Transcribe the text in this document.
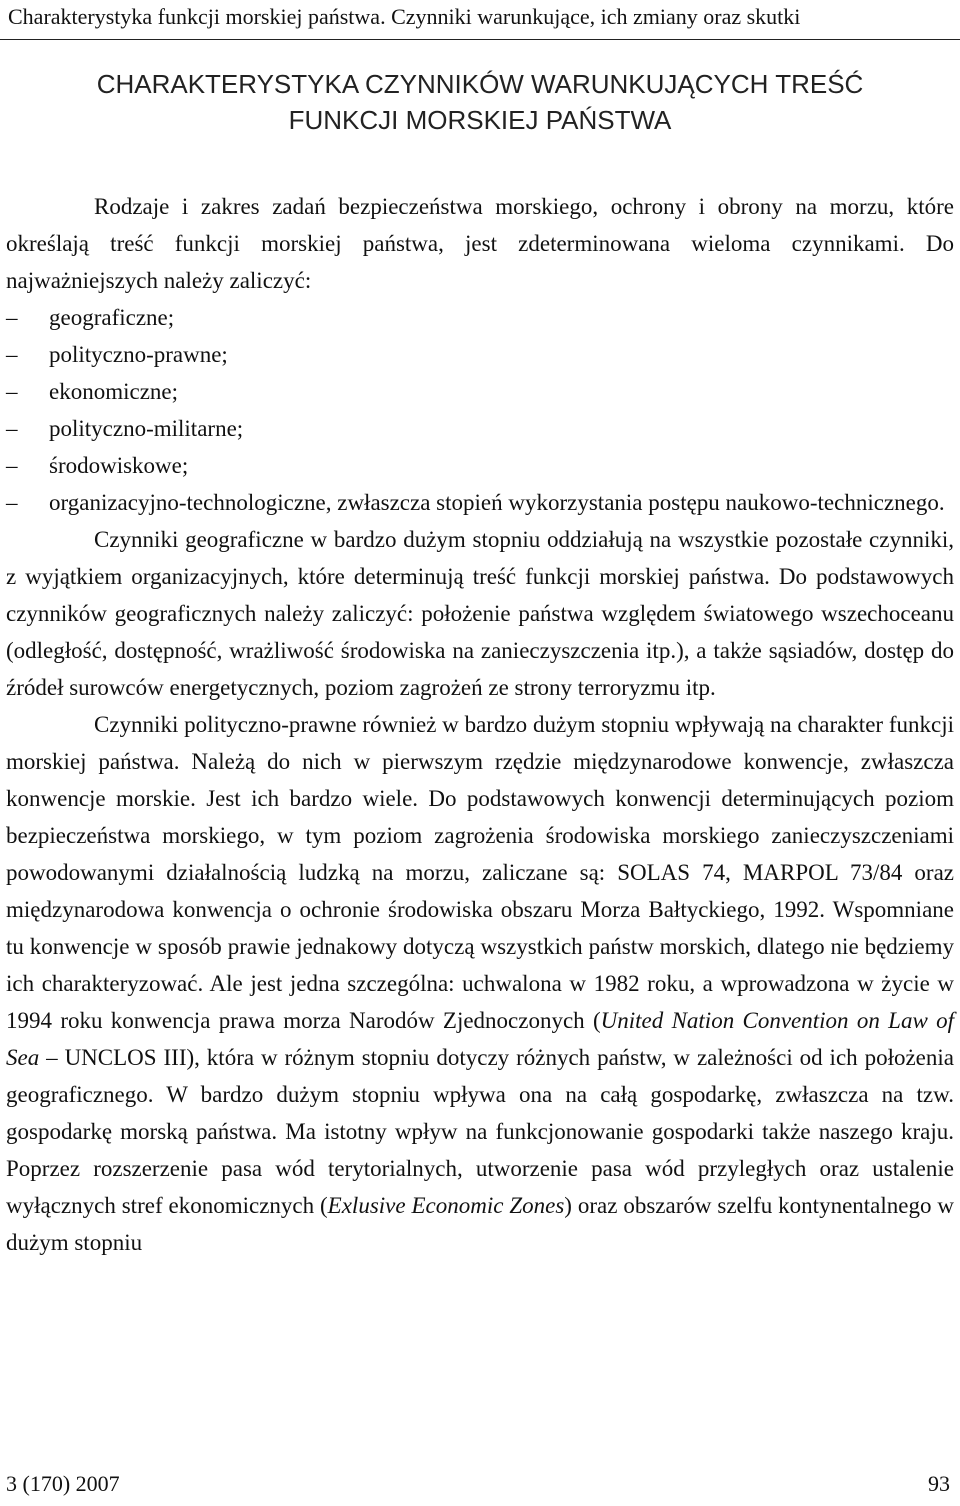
Charakterystyka funkcji morskiej państwa. Czynniki warunkujące, ich zmiany oraz skutki
CHARAKTERYSTYKA CZYNNIKÓW WARUNKUJĄCYCH TREŚĆ
FUNKCJI MORSKIEJ PAŃSTWA

Rodzaje i zakres zadań bezpieczeństwa morskiego, ochrony i obrony na morzu, które określają treść funkcji morskiej państwa, jest zdeterminowana wieloma czynnikami. Do najważniejszych należy zaliczyć:

– geograficzne;
– polityczno-prawne;
– ekonomiczne;
– polityczno-militarne;
– środowiskowe;
– organizacyjno-technologiczne, zwłaszcza stopień wykorzystania postępu naukowo-technicznego.

Czynniki geograficzne w bardzo dużym stopniu oddziałują na wszystkie pozostałe czynniki, z wyjątkiem organizacyjnych, które determinują treść funkcji morskiej państwa. Do podstawowych czynników geograficznych należy zaliczyć: położenie państwa względem światowego wszechoceanu (odległość, dostępność, wrażliwość środowiska na zanieczyszczenia itp.), a także sąsiadów, dostęp do źródeł surowców energetycznych, poziom zagrożeń ze strony terroryzmu itp.

Czynniki polityczno-prawne również w bardzo dużym stopniu wpływają na charakter funkcji morskiej państwa. Należą do nich w pierwszym rzędzie międzynarodowe konwencje, zwłaszcza konwencje morskie. Jest ich bardzo wiele. Do podstawowych konwencji determinujących poziom bezpieczeństwa morskiego, w tym poziom zagrożenia środowiska morskiego zanieczyszczeniami powodowanymi działalnością ludzką na morzu, zaliczane są: SOLAS 74, MARPOL 73/84 oraz międzynarodowa konwencja o ochronie środowiska obszaru Morza Bałtyckiego, 1992. Wspomniane tu konwencje w sposób prawie jednakowy dotyczą wszystkich państw morskich, dlatego nie będziemy ich charakteryzować. Ale jest jedna szczególna: uchwalona w 1982 roku, a wprowadzona w życie w 1994 roku konwencja prawa morza Narodów Zjednoczonych (United Nation Convention on Law of Sea – UNCLOS III), która w różnym stopniu dotyczy różnych państw, w zależności od ich położenia geograficznego. W bardzo dużym stopniu wpływa ona na całą gospodarkę, zwłaszcza na tzw. gospodarkę morską państwa. Ma istotny wpływ na funkcjonowanie gospodarki także naszego kraju. Poprzez rozszerzenie pasa wód terytorialnych, utworzenie pasa wód przyległych oraz ustalenie wyłącznych stref ekonomicznych (Exlusive Economic Zones) oraz obszarów szelfu kontynentalnego w dużym stopniu

3 (170) 2007	93
